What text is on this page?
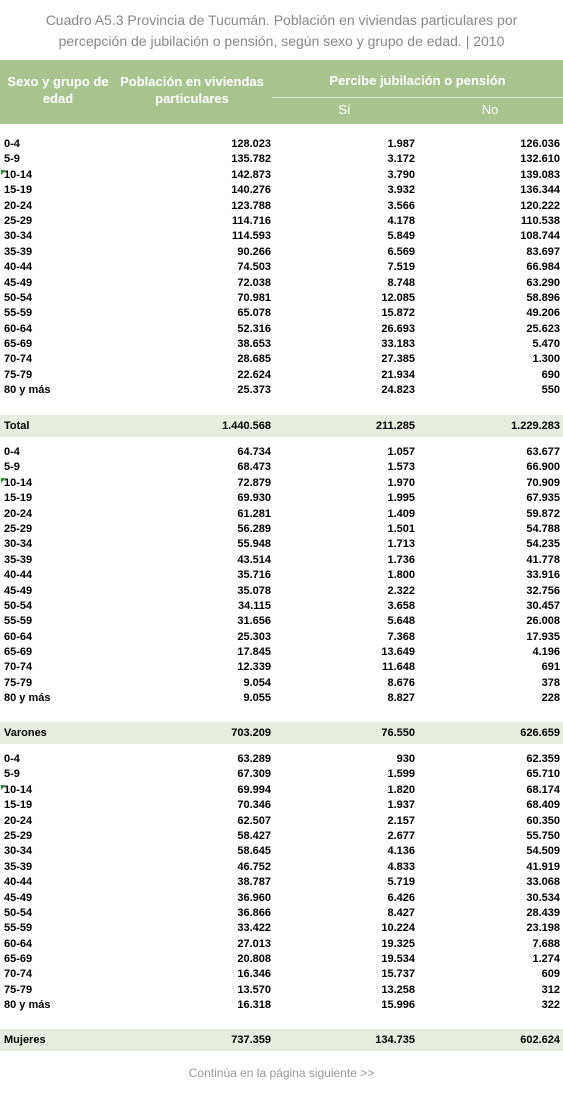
Cuadro A5.3 Provincia de Tucumán. Población en viviendas particulares por
percepción de jubilación o pensión, según sexo y grupo de edad. | 2010
Sexo y grupo de edad
Población en viviendas particulares
Percibe jubilación o pensión
Sí	No
0-4	128.023	1.987	126.036
5-9	135.782	3.172	132.610
10-14	142.873	3.790	139.083
15-19	140.276	3.932	136.344
20-24	123.788	3.566	120.222
25-29	114.716	4.178	110.538
30-34	114.593	5.849	108.744
35-39	90.266	6.569	83.697
40-44	74.503	7.519	66.984
45-49	72.038	8.748	63.290
50-54	70.981	12.085	58.896
55-59	65.078	15.872	49.206
60-64	52.316	26.693	25.623
65-69	38.653	33.183	5.470
70-74	28.685	27.385	1.300
75-79	22.624	21.934	690
80 y más	25.373	24.823	550
Total	1.440.568	211.285	1.229.283
0-4	64.734	1.057	63.677
5-9	68.473	1.573	66.900
10-14	72.879	1.970	70.909
15-19	69.930	1.995	67.935
20-24	61.281	1.409	59.872
25-29	56.289	1.501	54.788
30-34	55.948	1.713	54.235
35-39	43.514	1.736	41.778
40-44	35.716	1.800	33.916
45-49	35.078	2.322	32.756
50-54	34.115	3.658	30.457
55-59	31.656	5.648	26.008
60-64	25.303	7.368	17.935
65-69	17.845	13.649	4.196
70-74	12.339	11.648	691
75-79	9.054	8.676	378
80 y más	9.055	8.827	228
Varones	703.209	76.550	626.659
0-4	63.289	930	62.359
5-9	67.309	1.599	65.710
10-14	69.994	1.820	68.174
15-19	70.346	1.937	68.409
20-24	62.507	2.157	60.350
25-29	58.427	2.677	55.750
30-34	58.645	4.136	54.509
35-39	46.752	4.833	41.919
40-44	38.787	5.719	33.068
45-49	36.960	6.426	30.534
50-54	36.866	8.427	28.439
55-59	33.422	10.224	23.198
60-64	27.013	19.325	7.688
65-69	20.808	19.534	1.274
70-74	16.346	15.737	609
75-79	13.570	13.258	312
80 y más	16.318	15.996	322
Mujeres	737.359	134.735	602.624
Continúa en la página siguiente >>
